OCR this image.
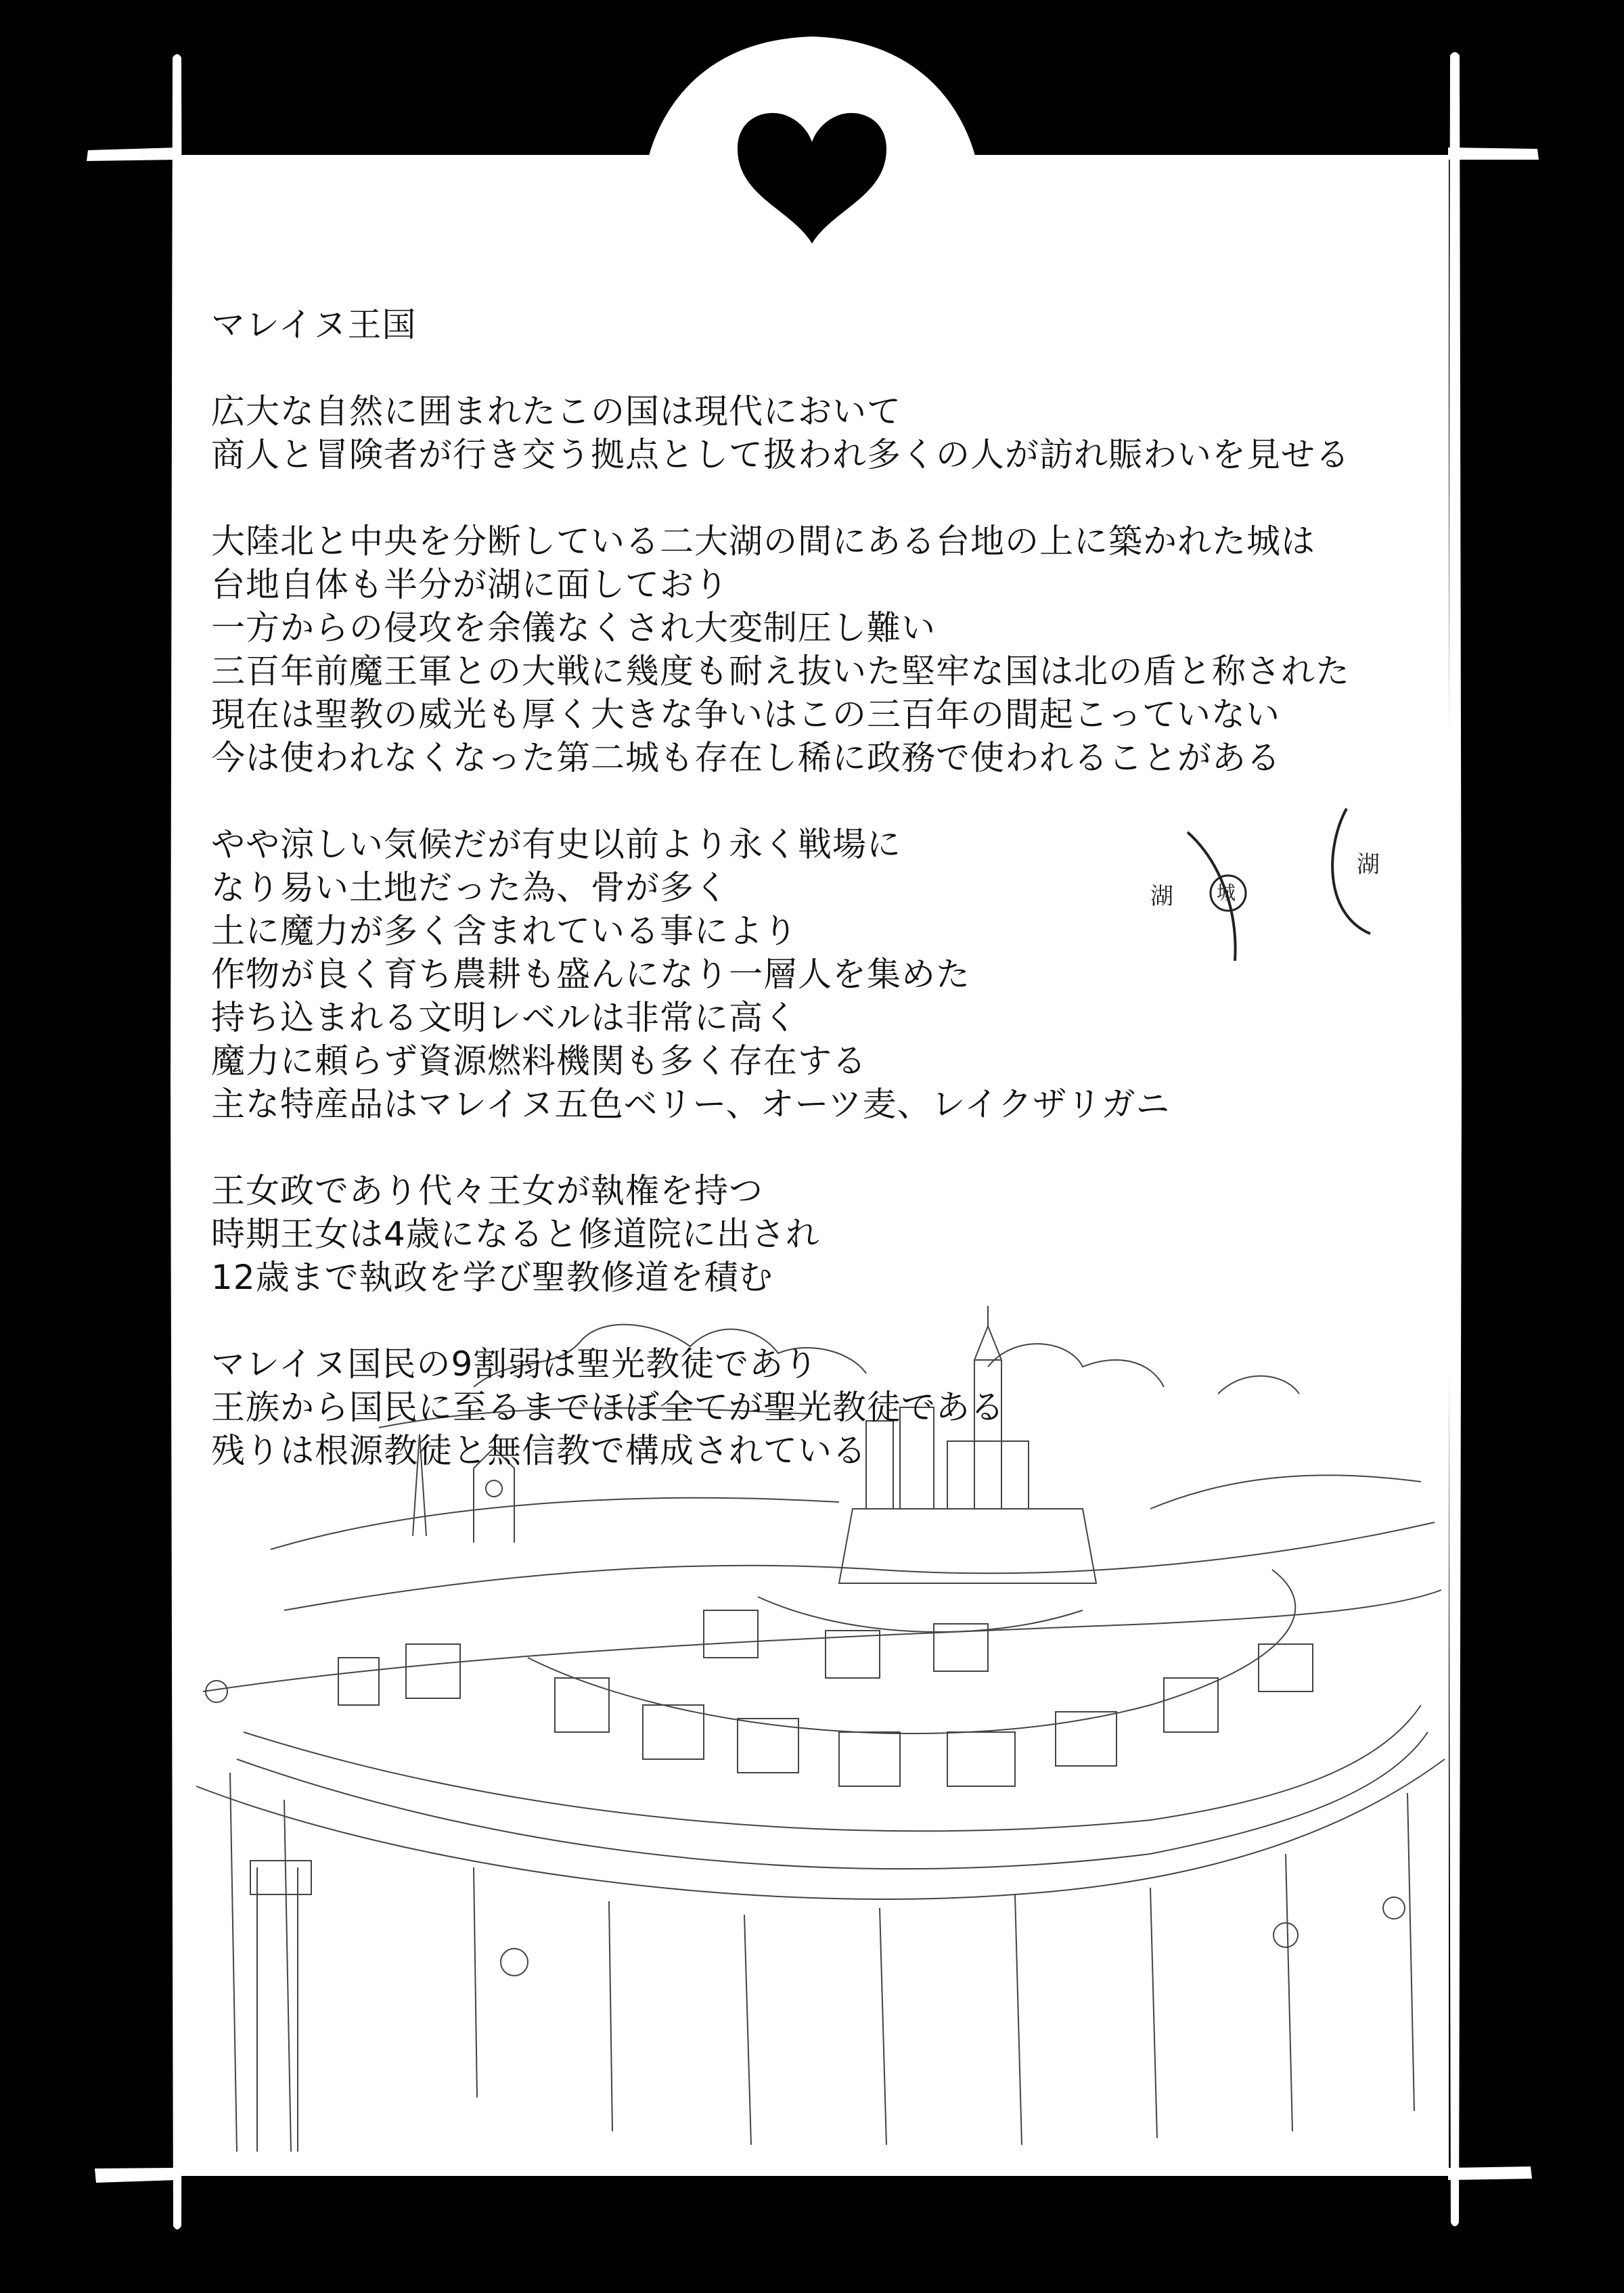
湖 城
湖
マレイヌ王国
広大な自然に囲まれたこの国は現代において
商人と冒険者が行き交う拠点として扱われ多くの人が訪れ賑わいを見せる
大陸北と中央を分断している二大湖の間にある台地の上に築かれた城は
台地自体も半分が湖に面しており
一方からの侵攻を余儀なくされ大変制圧し難い
三百年前魔王軍との大戦に幾度も耐え抜いた堅牢な国は北の盾と称された
現在は聖教の威光も厚く大きな争いはこの三百年の間起こっていない
今は使われなくなった第二城も存在し稀に政務で使われることがある
やや涼しい気候だが有史以前より永く戦場に
なり易い土地だった為、骨が多く
土に魔力が多く含まれている事により
作物が良く育ち農耕も盛んになり一層人を集めた
持ち込まれる文明レベルは非常に高く
魔力に頼らず資源燃料機関も多く存在する
主な特産品はマレイヌ五色ベリー、オーツ麦、レイクザリガニ
王女政であり代々王女が執権を持つ
時期王女は4歳になると修道院に出され
12歳まで執政を学び聖教修道を積む
マレイヌ国民の9割弱は聖光教徒であり
王族から国民に至るまでほぼ全てが聖光教徒である
残りは根源教徒と無信教で構成されている
